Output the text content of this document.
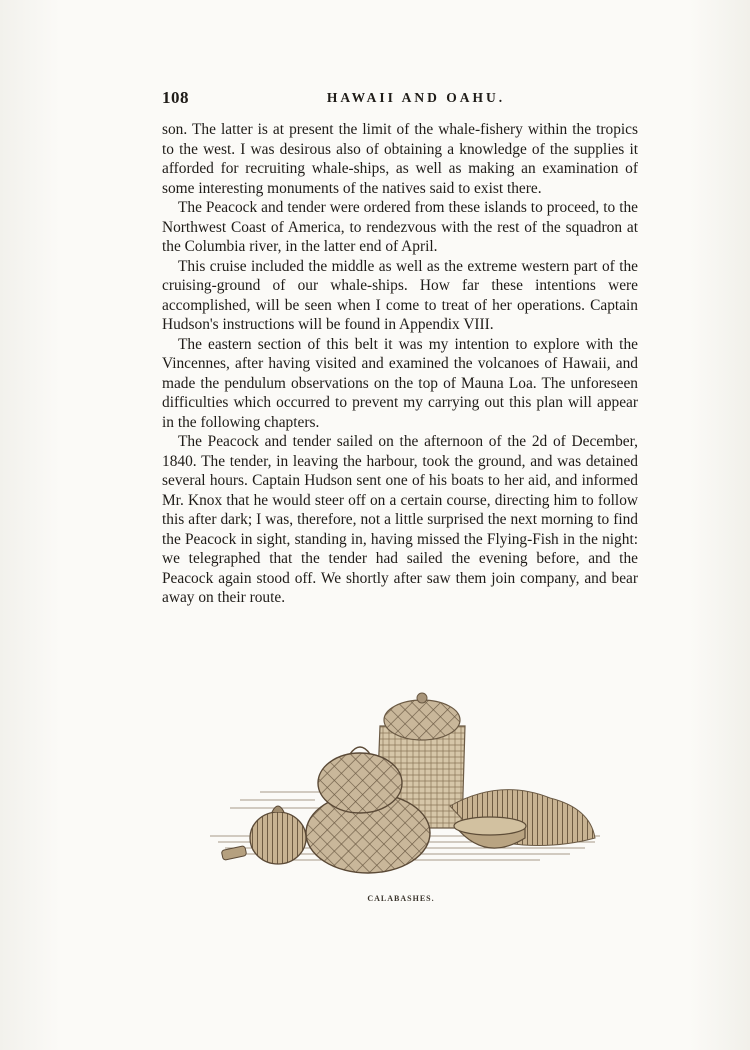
108	HAWAII AND OAHU.

son. The latter is at present the limit of the whale-fishery within the tropics to the west. I was desirous also of obtaining a knowledge of the supplies it afforded for recruiting whale-ships, as well as making an examination of some interesting monuments of the natives said to exist there.

The Peacock and tender were ordered from these islands to proceed, to the Northwest Coast of America, to rendezvous with the rest of the squadron at the Columbia river, in the latter end of April.

This cruise included the middle as well as the extreme western part of the cruising-ground of our whale-ships. How far these intentions were accomplished, will be seen when I come to treat of her operations. Captain Hudson's instructions will be found in Appendix VIII.

The eastern section of this belt it was my intention to explore with the Vincennes, after having visited and examined the volcanoes of Hawaii, and made the pendulum observations on the top of Mauna Loa. The unforeseen difficulties which occurred to prevent my carrying out this plan will appear in the following chapters.

The Peacock and tender sailed on the afternoon of the 2d of December, 1840. The tender, in leaving the harbour, took the ground, and was detained several hours. Captain Hudson sent one of his boats to her aid, and informed Mr. Knox that he would steer off on a certain course, directing him to follow this after dark; I was, therefore, not a little surprised the next morning to find the Peacock in sight, standing in, having missed the Flying-Fish in the night: we telegraphed that the tender had sailed the evening before, and the Peacock again stood off. We shortly after saw them join company, and bear away on their route.

CALABASHES.
